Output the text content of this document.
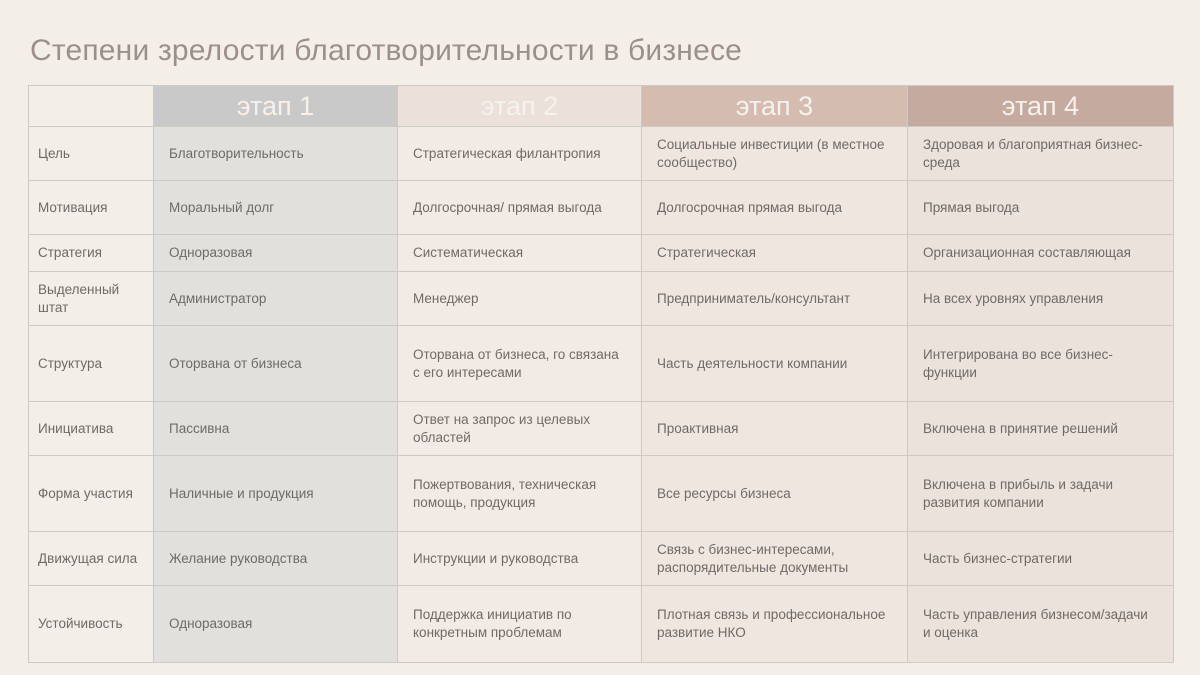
Степени зрелости благотворительности в бизнесе
	этап 1	этап 2	этап 3	этап 4
Цель	Благотворительность	Стратегическая филантропия	Социальные инвестиции (в местное сообщество)	Здоровая и благоприятная бизнес-среда
Мотивация	Моральный долг	Долгосрочная/ прямая выгода	Долгосрочная прямая выгода	Прямая выгода
Стратегия	Одноразовая	Систематическая	Стратегическая	Организационная составляющая
Выделенный штат	Администратор	Менеджер	Предприниматель/консультант	На всех уровнях управления
Структура	Оторвана от бизнеса	Оторвана от бизнеса, го связана с его интересами	Часть деятельности компании	Интегрирована во все бизнес-функции
Инициатива	Пассивна	Ответ на запрос из целевых областей	Проактивная	Включена в принятие решений
Форма участия	Наличные и продукция	Пожертвования, техническая помощь, продукция	Все ресурсы бизнеса	Включена в прибыль и задачи развития компании
Движущая сила	Желание руководства	Инструкции и руководства	Связь с бизнес-интересами, распорядительные документы	Часть бизнес-стратегии
Устойчивость	Одноразовая	Поддержка инициатив по конкретным проблемам	Плотная связь и профессиональное развитие НКО	Часть управления бизнесом/задачи и оценка
